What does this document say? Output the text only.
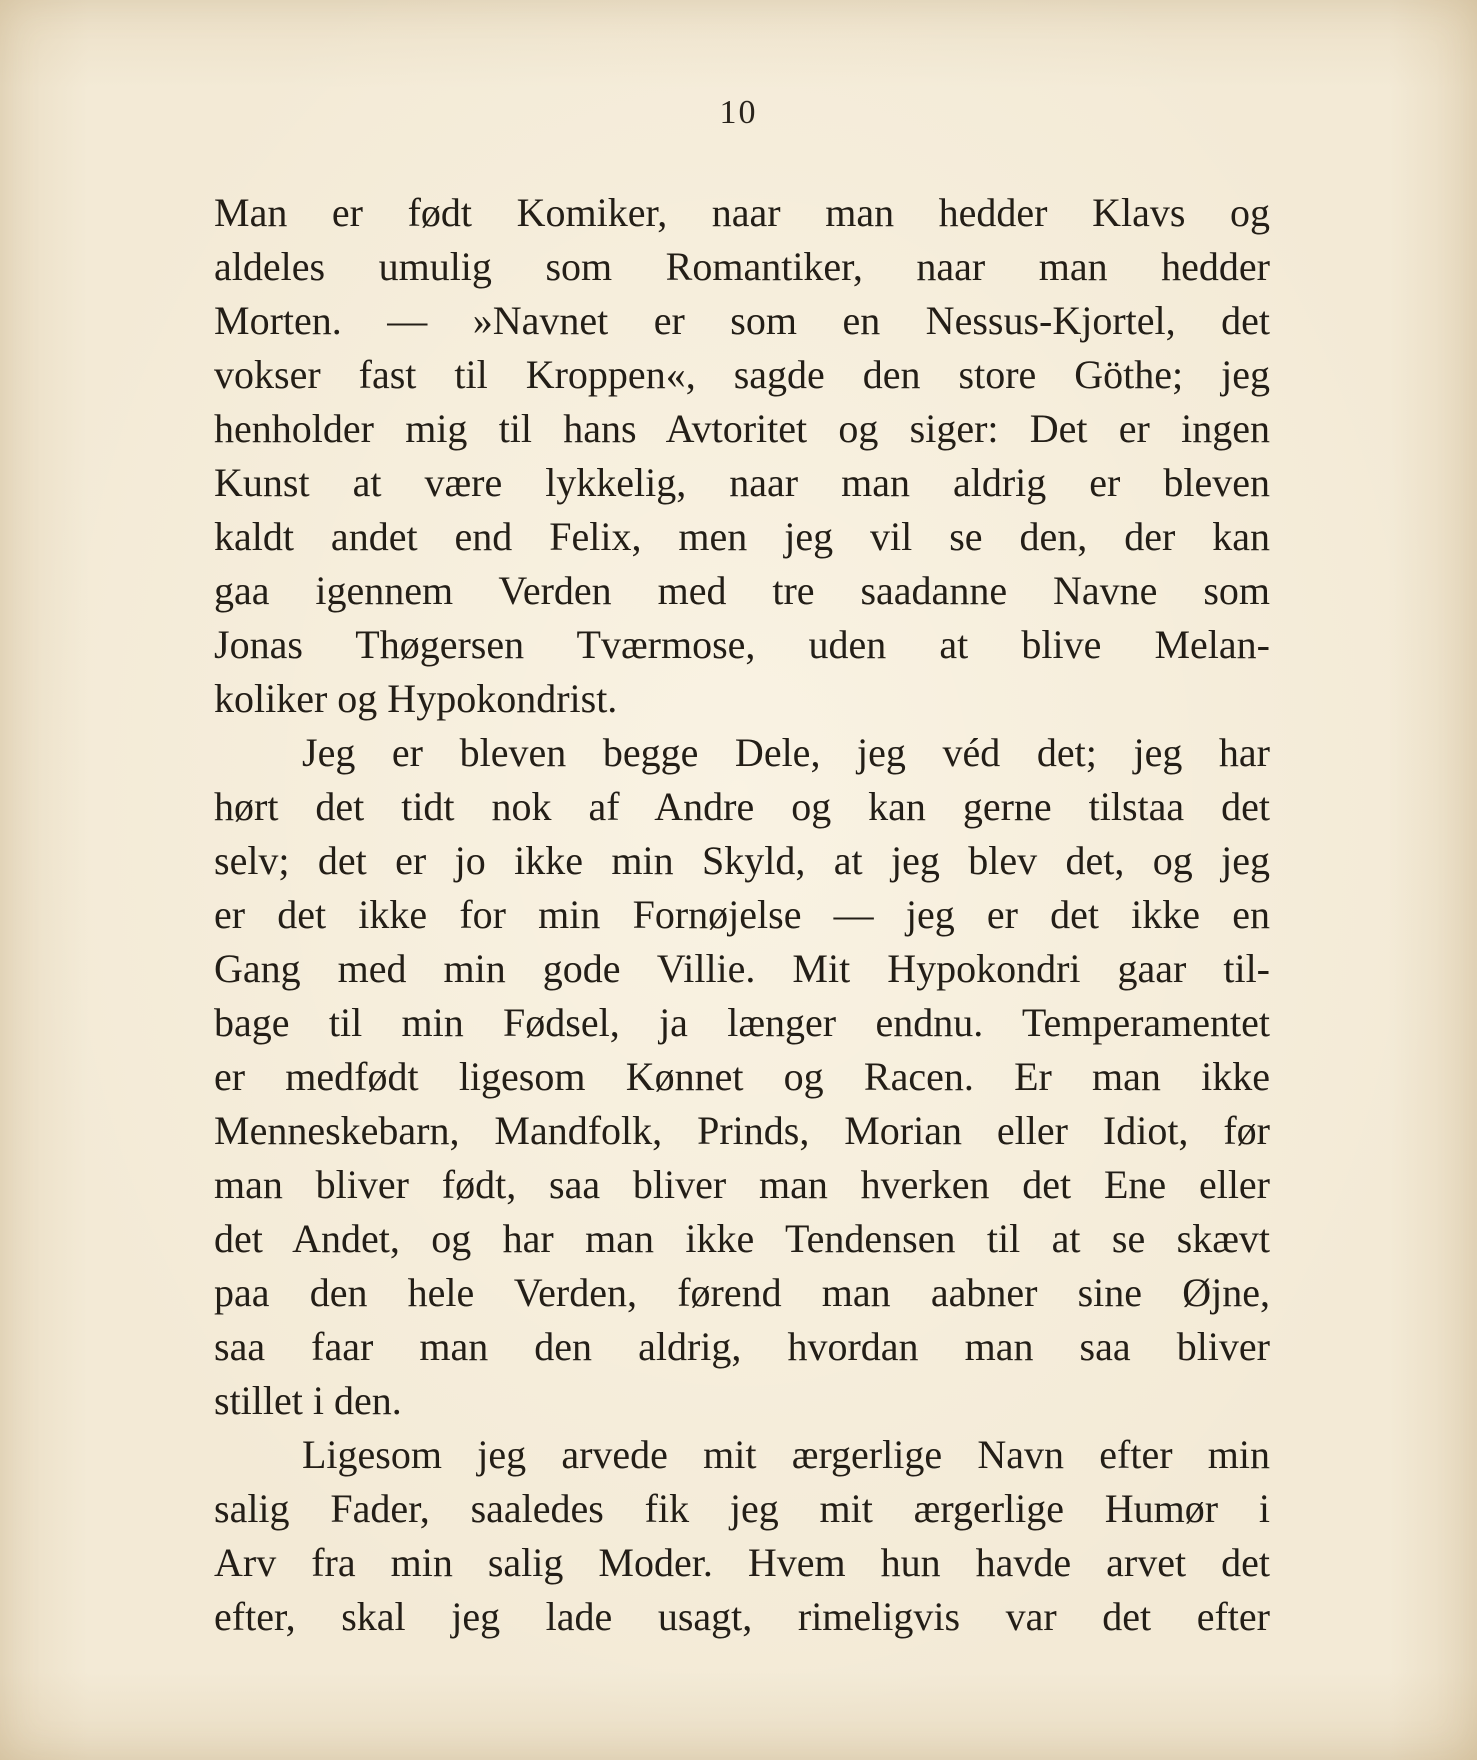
10
Man er født Komiker, naar man hedder Klavs og
aldeles umulig som Romantiker, naar man hedder
Morten. — »Navnet er som en Nessus-Kjortel, det
vokser fast til Kroppen«, sagde den store Göthe; jeg
henholder mig til hans Avtoritet og siger: Det er ingen
Kunst at være lykkelig, naar man aldrig er bleven
kaldt andet end Felix, men jeg vil se den, der kan
gaa igennem Verden med tre saadanne Navne som
Jonas Thøgersen Tværmose, uden at blive Melan-
koliker og Hypokondrist.
Jeg er bleven begge Dele, jeg véd det; jeg har
hørt det tidt nok af Andre og kan gerne tilstaa det
selv; det er jo ikke min Skyld, at jeg blev det, og jeg
er det ikke for min Fornøjelse — jeg er det ikke en
Gang med min gode Villie. Mit Hypokondri gaar til-
bage til min Fødsel, ja længer endnu. Temperamentet
er medfødt ligesom Kønnet og Racen. Er man ikke
Menneskebarn, Mandfolk, Prinds, Morian eller Idiot, før
man bliver født, saa bliver man hverken det Ene eller
det Andet, og har man ikke Tendensen til at se skævt
paa den hele Verden, førend man aabner sine Øjne,
saa faar man den aldrig, hvordan man saa bliver
stillet i den.
Ligesom jeg arvede mit ærgerlige Navn efter min
salig Fader, saaledes fik jeg mit ærgerlige Humør i
Arv fra min salig Moder. Hvem hun havde arvet det
efter, skal jeg lade usagt, rimeligvis var det efter
